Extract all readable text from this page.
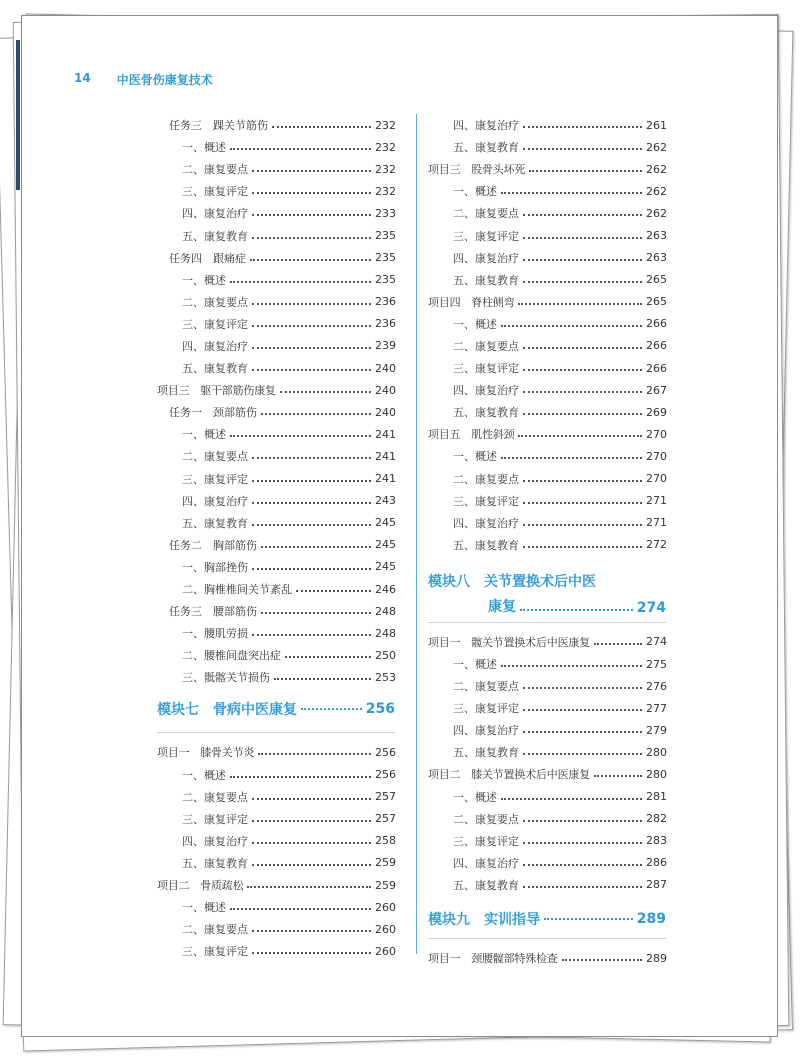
14 中医骨伤康复技术
任务三　踝关节筋伤	232
一、概述	232
二、康复要点	232
三、康复评定	232
四、康复治疗	233
五、康复教育	235
任务四　跟痛症	235
一、概述	235
二、康复要点	236
三、康复评定	236
四、康复治疗	239
五、康复教育	240
项目三　躯干部筋伤康复	240
任务一　颈部筋伤	240
一、概述	241
二、康复要点	241
三、康复评定	241
四、康复治疗	243
五、康复教育	245
任务二　胸部筋伤	245
一、胸部挫伤	245
二、胸椎椎间关节紊乱	246
任务三　腰部筋伤	248
一、腰肌劳损	248
二、腰椎间盘突出症	250
三、骶髂关节损伤	253
模块七　骨病中医康复	256
项目一　膝骨关节炎	256
一、概述	256
二、康复要点	257
三、康复评定	257
四、康复治疗	258
五、康复教育	259
项目二　骨质疏松	259
一、概述	260
二、康复要点	260
三、康复评定	260
四、康复治疗	261
五、康复教育	262
项目三　股骨头坏死	262
一、概述	262
二、康复要点	262
三、康复评定	263
四、康复治疗	263
五、康复教育	265
项目四　脊柱侧弯	265
一、概述	266
二、康复要点	266
三、康复评定	266
四、康复治疗	267
五、康复教育	269
项目五　肌性斜颈	270
一、概述	270
二、康复要点	270
三、康复评定	271
四、康复治疗	271
五、康复教育	272
模块八　关节置换术后中医
康复	274
项目一　髋关节置换术后中医康复	274
一、概述	275
二、康复要点	276
三、康复评定	277
四、康复治疗	279
五、康复教育	280
项目二　膝关节置换术后中医康复	280
一、概述	281
二、康复要点	282
三、康复评定	283
四、康复治疗	286
五、康复教育	287
模块九　实训指导	289
项目一　颈腰髋部特殊检查	289
